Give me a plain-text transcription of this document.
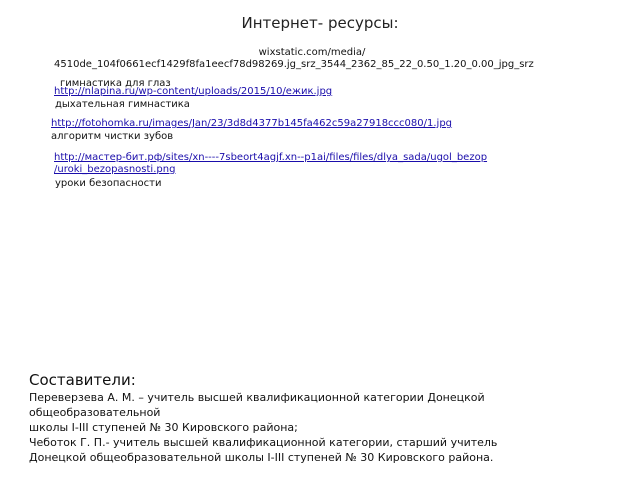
Интернет- ресурсы:
wixstatic.com/media/
4510de_104f0661ecf1429f8fa1eecf78d98269.jg_srz_3544_2362_85_22_0.50_1.20_0.00_jpg_srz
гимнастика для глаз
http://nlapina.ru/wp-content/uploads/2015/10/ежик.jpg
дыхательная гимнастика
http://fotohomka.ru/images/Jan/23/3d8d4377b145fa462c59a27918ccc080/1.jpg
алгоритм чистки зубов
http://мастер-бит.рф/sites/xn----7sbeort4agjf.xn--p1ai/files/files/dlya_sada/ugol_bezop
/uroki_bezopasnosti.png
уроки безопасности
Составители:
Переверзева А. М. – учитель высшей квалификационной категории Донецкой
общеобразовательной
школы I-III ступеней № 30 Кировского района;
Чеботок Г. П.- учитель высшей квалификационной категории, старший учитель
Донецкой общеобразовательной школы I-III ступеней № 30 Кировского района.
